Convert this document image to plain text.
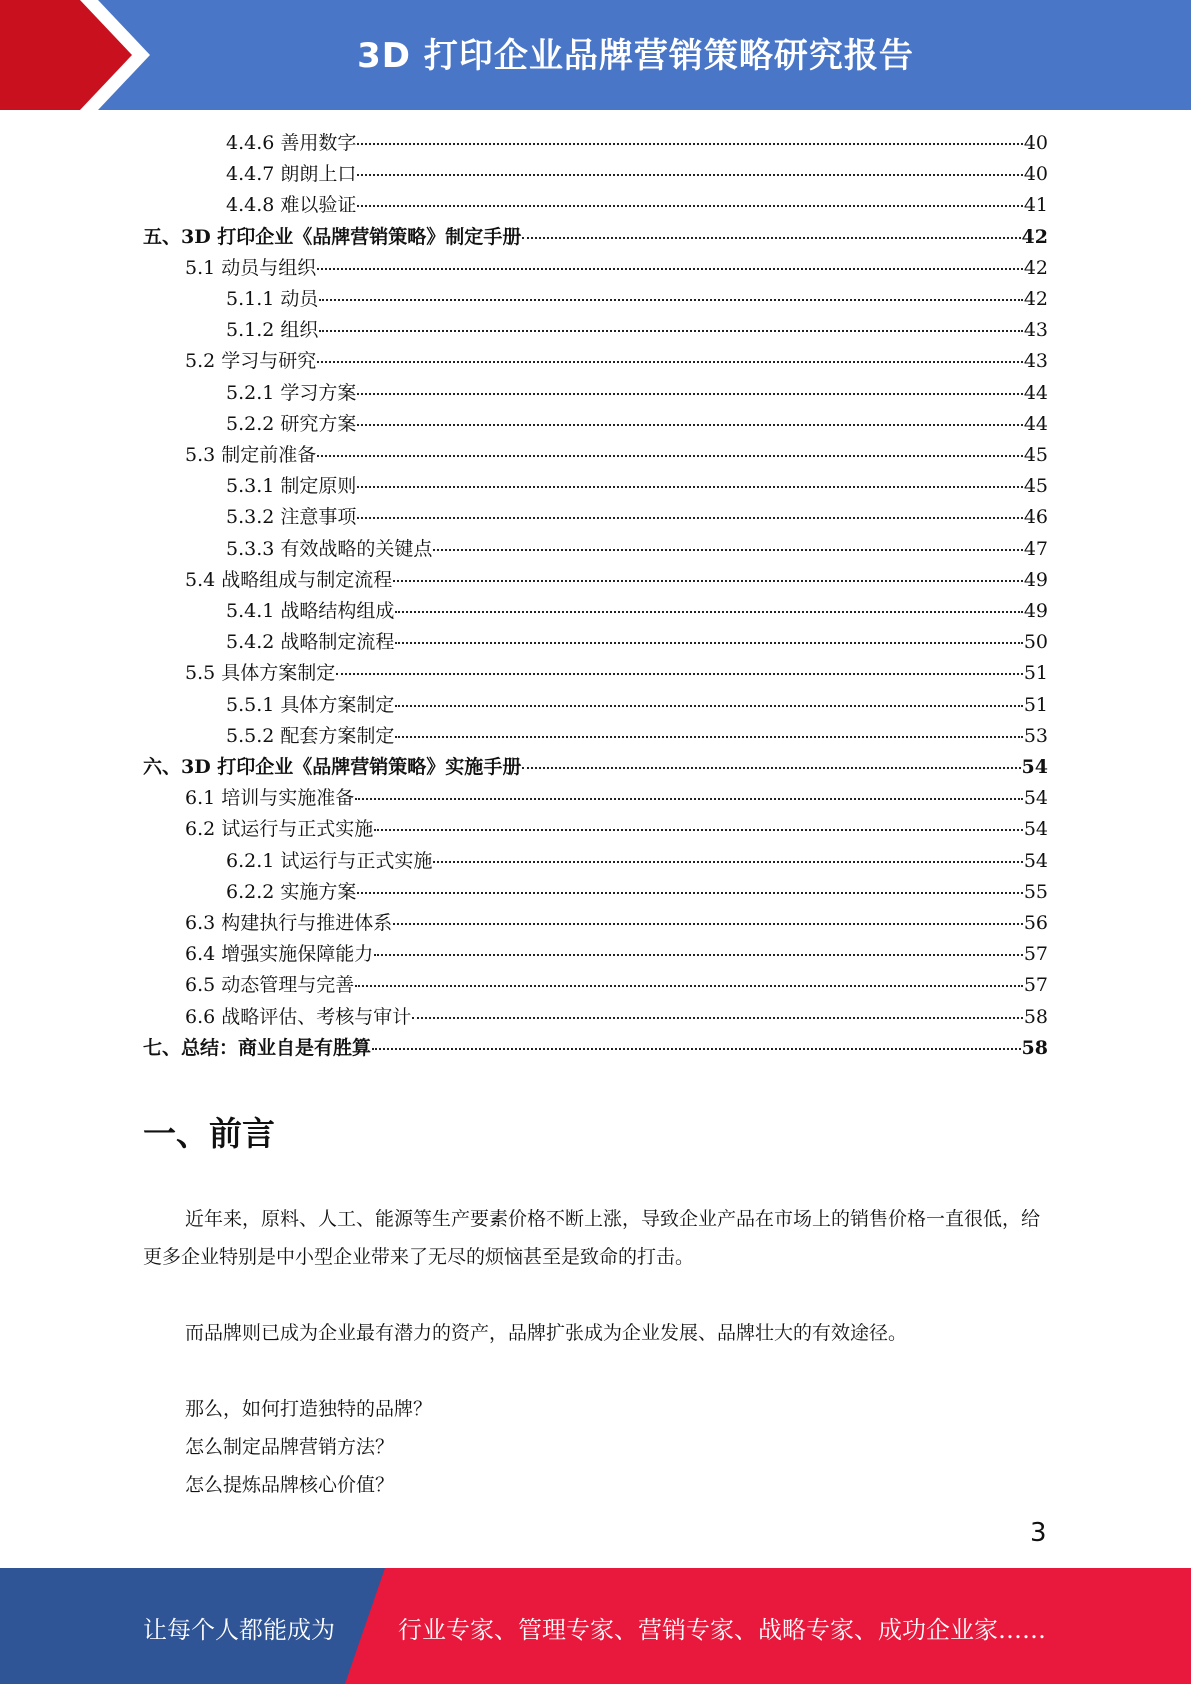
3D 打印企业品牌营销策略研究报告
4.4.6 善用数字	40
4.4.7 朗朗上口	40
4.4.8 难以验证	41
五、3D 打印企业《品牌营销策略》制定手册	42
5.1 动员与组织	42
5.1.1 动员	42
5.1.2 组织	43
5.2 学习与研究	43
5.2.1 学习方案	44
5.2.2 研究方案	44
5.3 制定前准备	45
5.3.1 制定原则	45
5.3.2 注意事项	46
5.3.3 有效战略的关键点	47
5.4 战略组成与制定流程	49
5.4.1 战略结构组成	49
5.4.2 战略制定流程	50
5.5 具体方案制定	51
5.5.1 具体方案制定	51
5.5.2 配套方案制定	53
六、3D 打印企业《品牌营销策略》实施手册	54
6.1 培训与实施准备	54
6.2 试运行与正式实施	54
6.2.1 试运行与正式实施	54
6.2.2 实施方案	55
6.3 构建执行与推进体系	56
6.4 增强实施保障能力	57
6.5 动态管理与完善	57
6.6 战略评估、考核与审计	58
七、总结：商业自是有胜算	58
一、前言

近年来，原料、人工、能源等生产要素价格不断上涨，导致企业产品在市场上的销售价格一直很低，给更多企业特别是中小型企业带来了无尽的烦恼甚至是致命的打击。

而品牌则已成为企业最有潜力的资产，品牌扩张成为企业发展、品牌壮大的有效途径。

那么，如何打造独特的品牌？

怎么制定品牌营销方法？

怎么提炼品牌核心价值？

3
让每个人都能成为	行业专家、管理专家、营销专家、战略专家、成功企业家……
